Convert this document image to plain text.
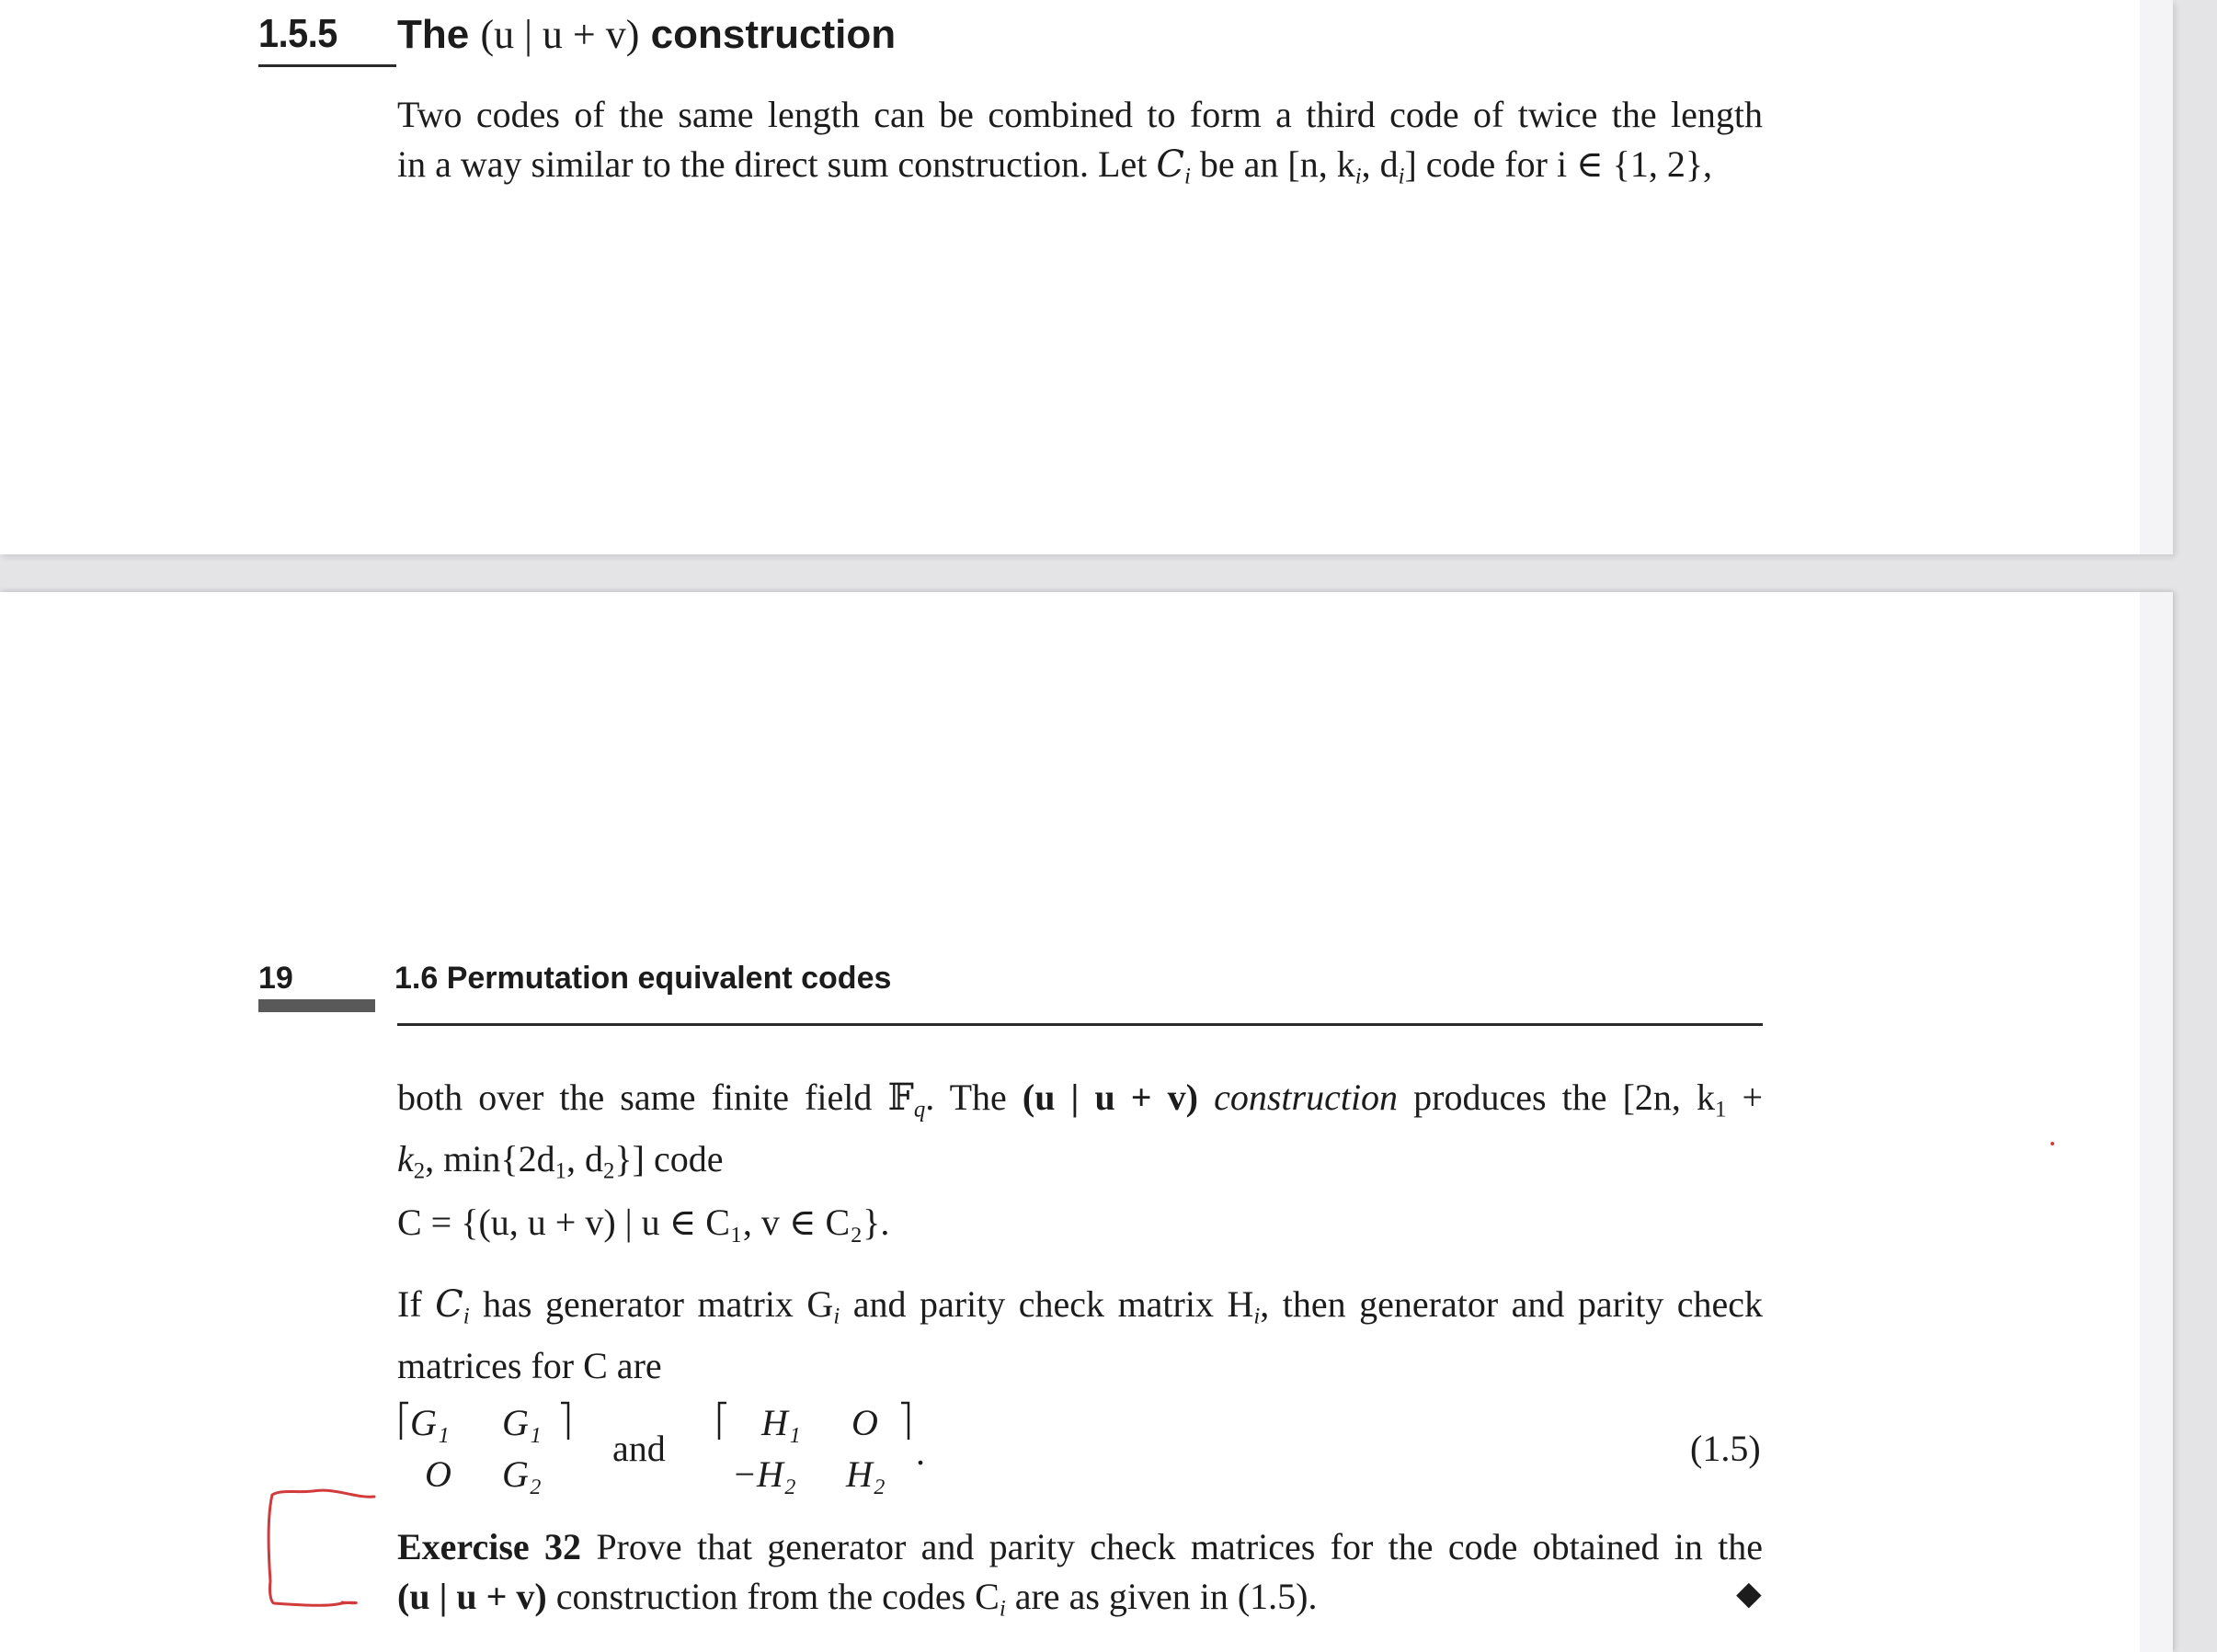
1.5.5 The (u | u + v) construction
Two codes of the same length can be combined to form a third code of twice the length
in a way similar to the direct sum construction. Let $C_i$ be an [n, $k_i$, $d_i$] code for i ∈ {1, 2},
19	1.6 Permutation equivalent codes
both over the same finite field 𝔽$_q$. The (u | u + v) construction produces the [2n, $k_1$ +
$k_2$, $\min\{2d_1$, $d_2$}] code
C = {(u, u + v) | u ∈ C₁, v ∈ C₂}.
If $C_i$ has generator matrix $G_i$ and parity check matrix $H_i$, then generator and parity check
matrices for C are
G₁ G₁
O G₂
and
H₁ O
−H₂ H₂
.	(1.5)
Exercise 32 Prove that generator and parity check matrices for the code obtained in the
(u | u + v) construction from the codes $C_i$ are as given in (1.5).	◆
